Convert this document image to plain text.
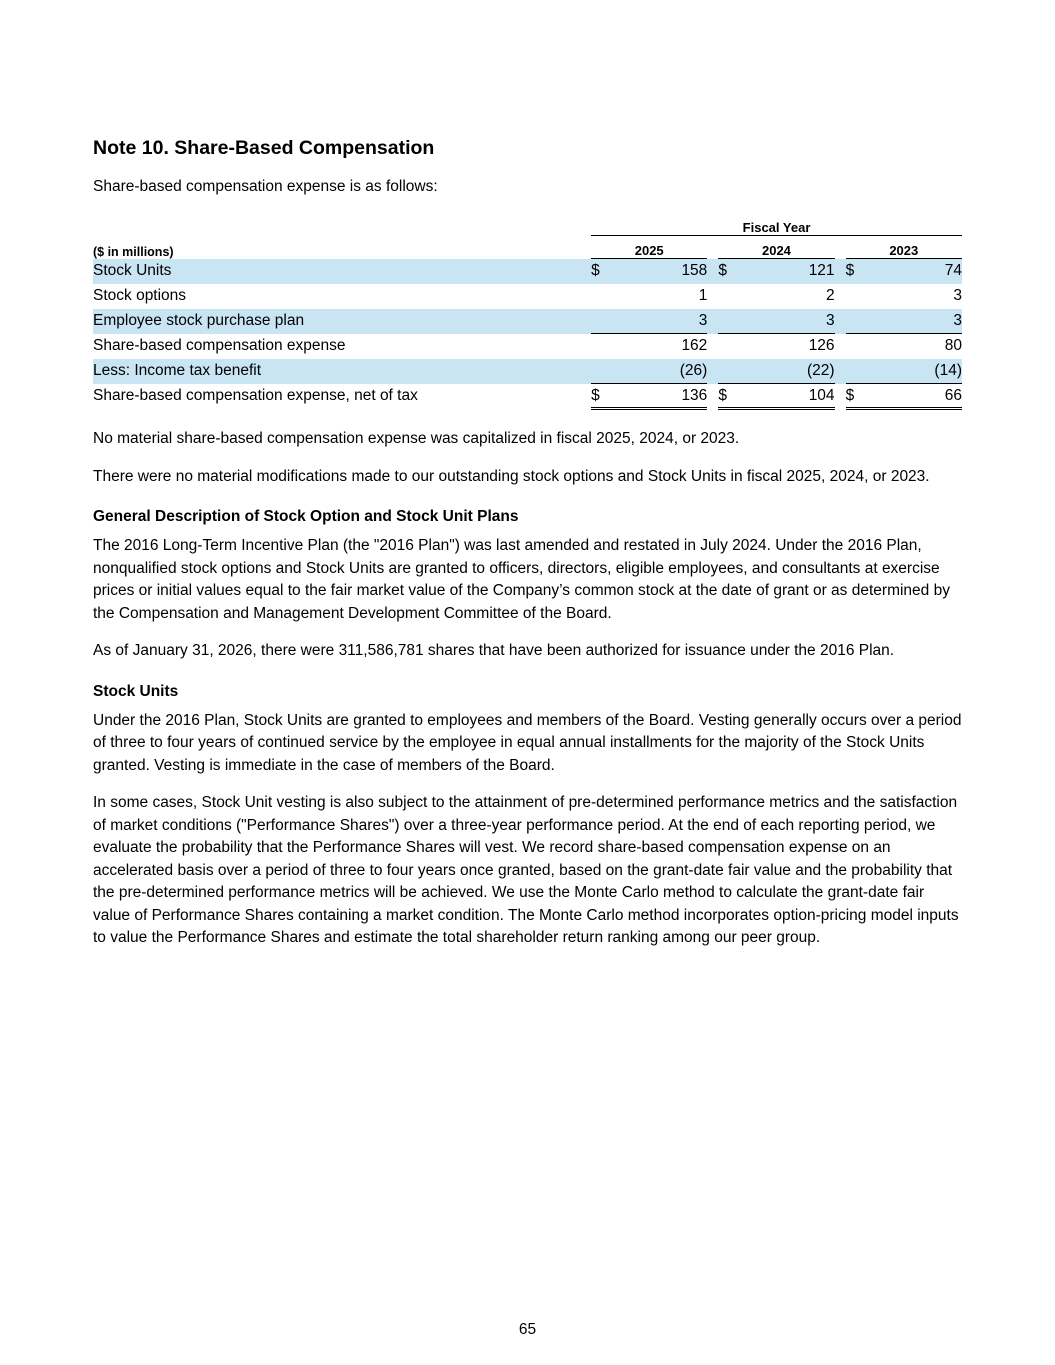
Note 10. Share-Based Compensation

Share-based compensation expense is as follows:

	Fiscal Year							
($ in millions)	2025			2024			2023	
Stock Units	$	158		$	121		$	74
Stock options		1			2			3
Employee stock purchase plan		3			3			3
Share-based compensation expense		162			126			80
Less: Income tax benefit		(26)			(22)			(14)
Share-based compensation expense, net of tax	$	136		$	104		$	66

No material share-based compensation expense was capitalized in fiscal 2025, 2024, or 2023.

There were no material modifications made to our outstanding stock options and Stock Units in fiscal 2025, 2024, or 2023.

General Description of Stock Option and Stock Unit Plans

The 2016 Long-Term Incentive Plan (the "2016 Plan") was last amended and restated in July 2024. Under the 2016 Plan, nonqualified stock options and Stock Units are granted to officers, directors, eligible employees, and consultants at exercise prices or initial values equal to the fair market value of the Company’s common stock at the date of grant or as determined by the Compensation and Management Development Committee of the Board.

As of January 31, 2026, there were 311,586,781 shares that have been authorized for issuance under the 2016 Plan.

Stock Units

Under the 2016 Plan, Stock Units are granted to employees and members of the Board. Vesting generally occurs over a period of three to four years of continued service by the employee in equal annual installments for the majority of the Stock Units granted. Vesting is immediate in the case of members of the Board.

In some cases, Stock Unit vesting is also subject to the attainment of pre-determined performance metrics and the satisfaction of market conditions ("Performance Shares") over a three-year performance period. At the end of each reporting period, we evaluate the probability that the Performance Shares will vest. We record share-based compensation expense on an accelerated basis over a period of three to four years once granted, based on the grant-date fair value and the probability that the pre-determined performance metrics will be achieved. We use the Monte Carlo method to calculate the grant-date fair value of Performance Shares containing a market condition. The Monte Carlo method incorporates option-pricing model inputs to value the Performance Shares and estimate the total shareholder return ranking among our peer group.

65
